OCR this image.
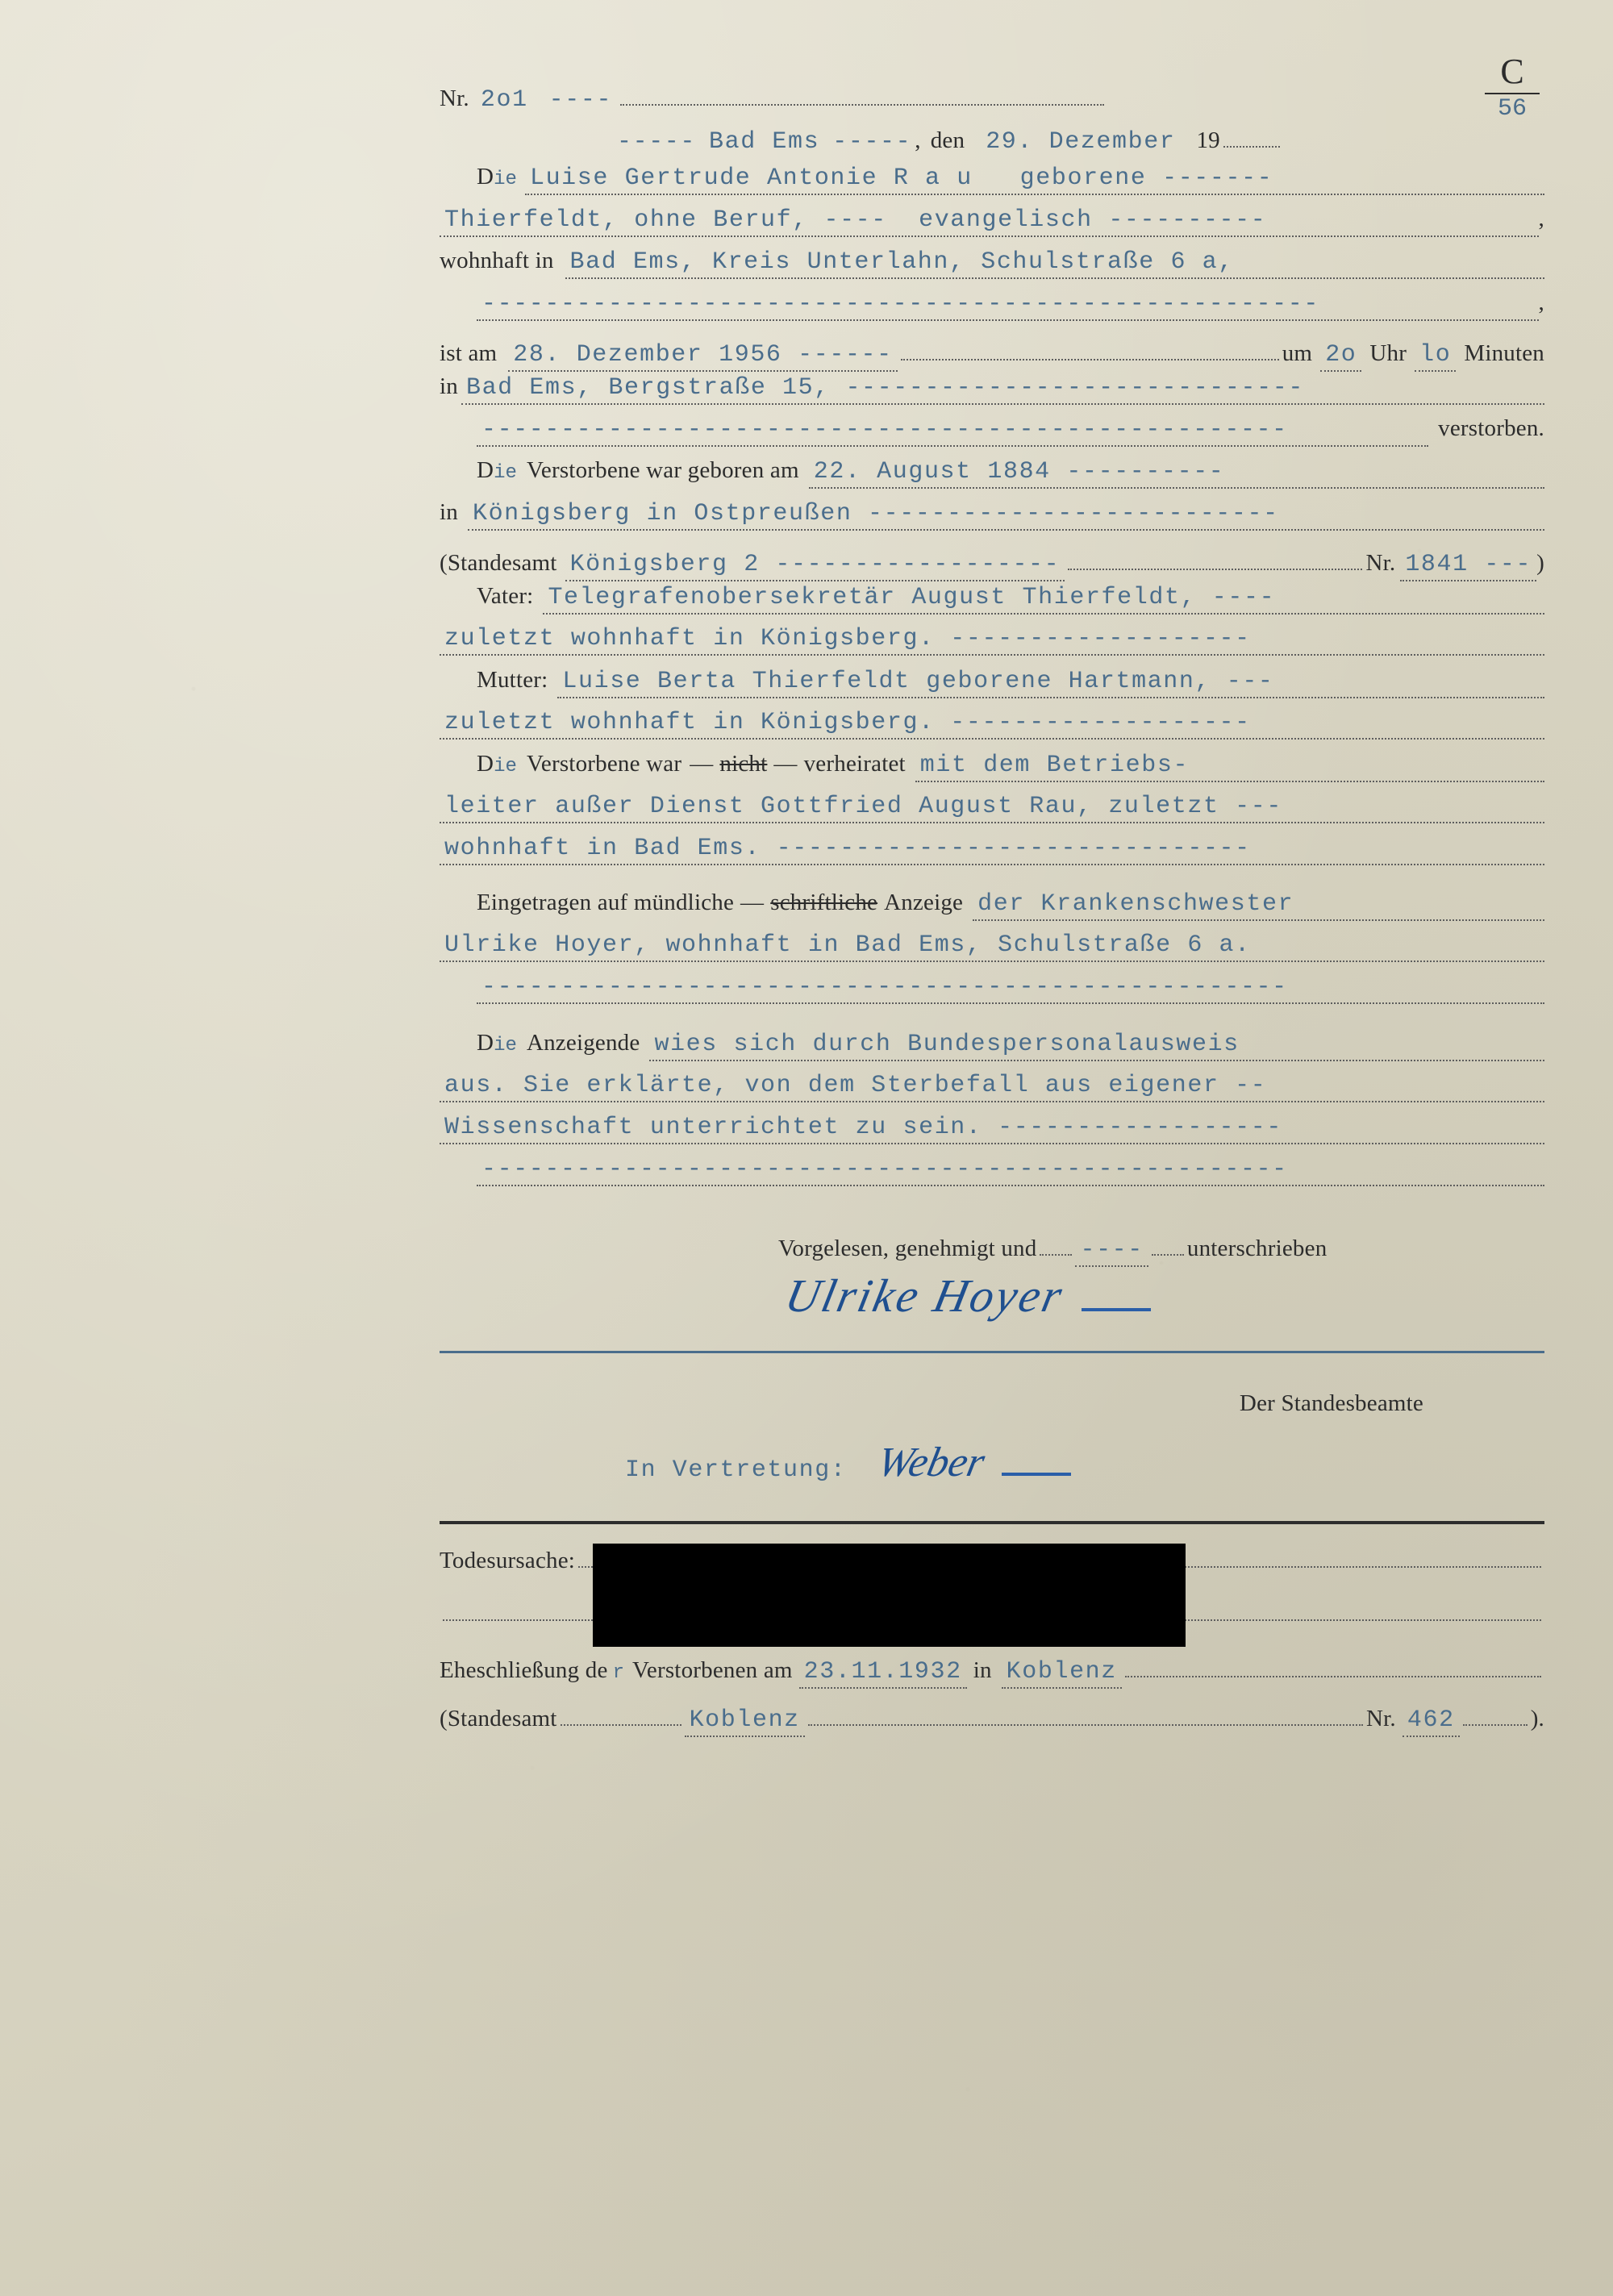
C
56
Nr. 2o1 ----
----- Bad Ems ----- , den 29. Dezember 19
D ie Luise Gertrude Antonie R a u   geborene -------
Thierfeldt, ohne Beruf, ----  evangelisch ----------	,
wohnhaft in Bad Ems, Kreis Unterlahn, Schulstraße 6 a,
-----------------------------------------------------	,
ist am 28. Dezember 1956 ------	um 2o Uhr lo Minuten
in Bad Ems, Bergstraße 15, -----------------------------
---------------------------------------------------	verstorben.
D ie Verstorbene war geboren am 22. August 1884 ----------
in Königsberg in Ostpreußen --------------------------
(Standesamt Königsberg 2 ------------------	Nr. 1841 --- )
Vater: Telegrafenobersekretär August Thierfeldt, ----
zuletzt wohnhaft in Königsberg. -------------------
Mutter: Luise Berta Thierfeldt geborene Hartmann, ---
zuletzt wohnhaft in Königsberg. -------------------
D ie Verstorbene war — nicht — verheiratet mit dem Betriebs-
leiter außer Dienst Gottfried August Rau, zuletzt ---
wohnhaft in Bad Ems. ------------------------------
Eingetragen auf mündliche — schriftliche Anzeige der Krankenschwester
Ulrike Hoyer, wohnhaft in Bad Ems, Schulstraße 6 a.
---------------------------------------------------
D ie Anzeigende wies sich durch Bundespersonalausweis
aus. Sie erklärte, von dem Sterbefall aus eigener --
Wissenschaft unterrichtet zu sein. ------------------
---------------------------------------------------
Vorgelesen, genehmigt und ---- unterschrieben
Ulrike Hoyer
Der Standesbeamte
In Vertretung: Weber
Todesursache:
Eheschließung de r Verstorbenen am 23.11.1932 in Koblenz
(Standesamt	Koblenz	Nr. 462	).
